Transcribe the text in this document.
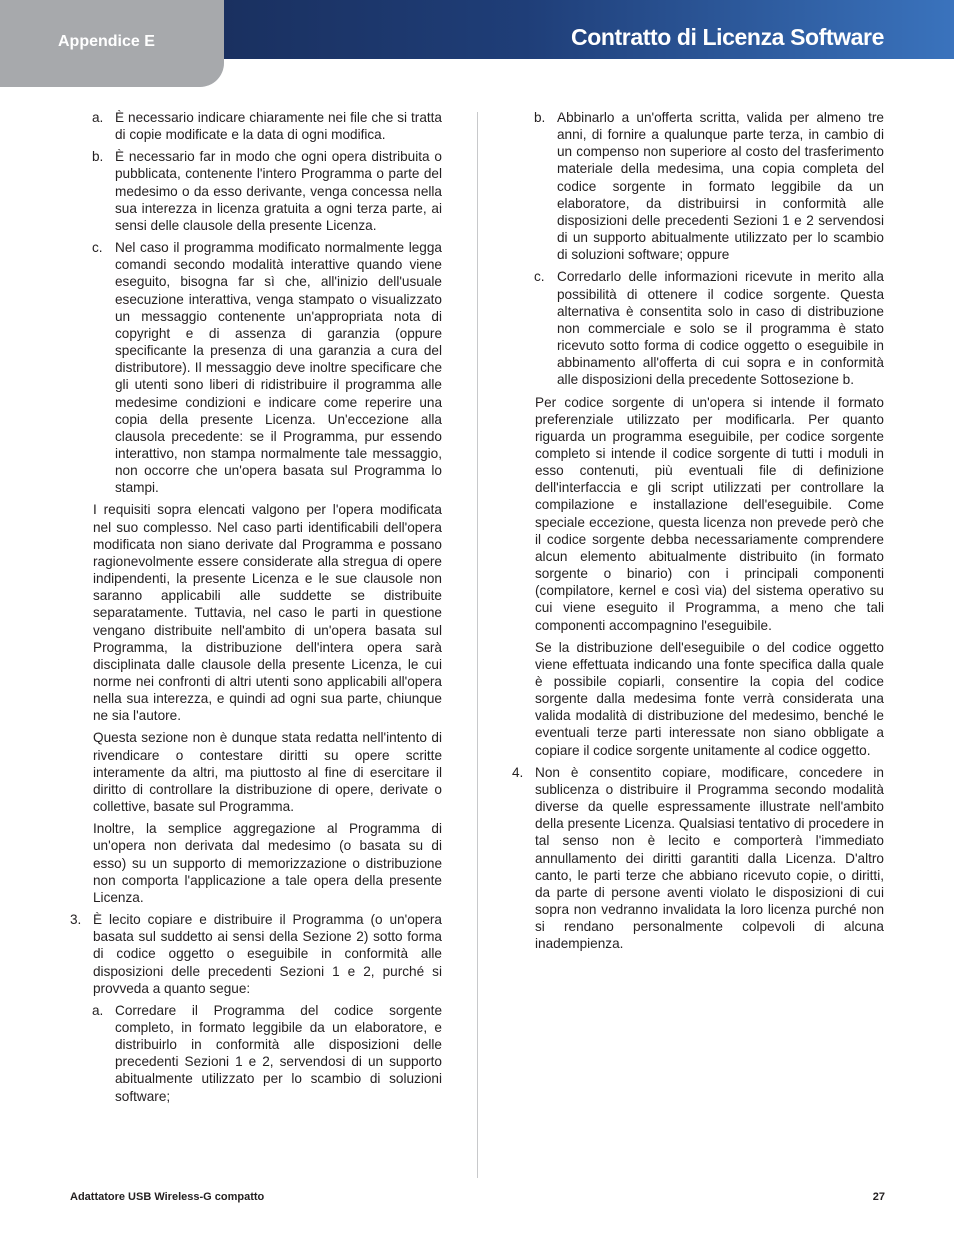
Appendice E	Contratto di Licenza Software
a. È necessario indicare chiaramente nei file che si tratta di copie modificate e la data di ogni modifica.
b. È necessario far in modo che ogni opera distribuita o pubblicata, contenente l'intero Programma o parte del medesimo o da esso derivante, venga concessa nella sua interezza in licenza gratuita a ogni terza parte, ai sensi delle clausole della presente Licenza.
c. Nel caso il programma modificato normalmente legga comandi secondo modalità interattive quando viene eseguito, bisogna far sì che, all'inizio dell'usuale esecuzione interattiva, venga stampato o visualizzato un messaggio contenente un'appropriata nota di copyright e di assenza di garanzia (oppure specificante la presenza di una garanzia a cura del distributore). Il messaggio deve inoltre specificare che gli utenti sono liberi di ridistribuire il programma alle medesime condizioni e indicare come reperire una copia della presente Licenza. Un'eccezione alla clausola precedente: se il Programma, pur essendo interattivo, non stampa normalmente tale messaggio, non occorre che un'opera basata sul Programma lo stampi.

I requisiti sopra elencati valgono per l'opera modificata nel suo complesso. Nel caso parti identificabili dell'opera modificata non siano derivate dal Programma e possano ragionevolmente essere considerate alla stregua di opere indipendenti, la presente Licenza e le sue clausole non saranno applicabili alle suddette se distribuite separatamente. Tuttavia, nel caso le parti in questione vengano distribuite nell'ambito di un'opera basata sul Programma, la distribuzione dell'intera opera sarà disciplinata dalle clausole della presente Licenza, le cui norme nei confronti di altri utenti sono applicabili all'opera nella sua interezza, e quindi ad ogni sua parte, chiunque ne sia l'autore.

Questa sezione non è dunque stata redatta nell'intento di rivendicare o contestare diritti su opere scritte interamente da altri, ma piuttosto al fine di esercitare il diritto di controllare la distribuzione di opere, derivate o collettive, basate sul Programma.

Inoltre, la semplice aggregazione al Programma di un'opera non derivata dal medesimo (o basata su di esso) su un supporto di memorizzazione o distribuzione non comporta l'applicazione a tale opera della presente Licenza.

3. È lecito copiare e distribuire il Programma (o un'opera basata sul suddetto ai sensi della Sezione 2) sotto forma di codice oggetto o eseguibile in conformità alle disposizioni delle precedenti Sezioni 1 e 2, purché si provveda a quanto segue:
a. Corredare il Programma del codice sorgente completo, in formato leggibile da un elaboratore, e distribuirlo in conformità alle disposizioni delle precedenti Sezioni 1 e 2, servendosi di un supporto abitualmente utilizzato per lo scambio di soluzioni software;
b. Abbinarlo a un'offerta scritta, valida per almeno tre anni, di fornire a qualunque parte terza, in cambio di un compenso non superiore al costo del trasferimento materiale della medesima, una copia completa del codice sorgente in formato leggibile da un elaboratore, da distribuirsi in conformità alle disposizioni delle precedenti Sezioni 1 e 2 servendosi di un supporto abitualmente utilizzato per lo scambio di soluzioni software; oppure
c. Corredarlo delle informazioni ricevute in merito alla possibilità di ottenere il codice sorgente. Questa alternativa è consentita solo in caso di distribuzione non commerciale e solo se il programma è stato ricevuto sotto forma di codice oggetto o eseguibile in abbinamento all'offerta di cui sopra e in conformità alle disposizioni della precedente Sottosezione b.

Per codice sorgente di un'opera si intende il formato preferenziale utilizzato per modificarla. Per quanto riguarda un programma eseguibile, per codice sorgente completo si intende il codice sorgente di tutti i moduli in esso contenuti, più eventuali file di definizione dell'interfaccia e gli script utilizzati per controllare la compilazione e installazione dell'eseguibile. Come speciale eccezione, questa licenza non prevede però che il codice sorgente debba necessariamente comprendere alcun elemento abitualmente distribuito (in formato sorgente o binario) con i principali componenti (compilatore, kernel e così via) del sistema operativo su cui viene eseguito il Programma, a meno che tali componenti accompagnino l'eseguibile.

Se la distribuzione dell'eseguibile o del codice oggetto viene effettuata indicando una fonte specifica dalla quale è possibile copiarli, consentire la copia del codice sorgente dalla medesima fonte verrà considerata una valida modalità di distribuzione del medesimo, benché le eventuali terze parti interessate non siano obbligate a copiare il codice sorgente unitamente al codice oggetto.

4. Non è consentito copiare, modificare, concedere in sublicenza o distribuire il Programma secondo modalità diverse da quelle espressamente illustrate nell'ambito della presente Licenza. Qualsiasi tentativo di procedere in tal senso non è lecito e comporterà l'immediato annullamento dei diritti garantiti dalla Licenza. D'altro canto, le parti terze che abbiano ricevuto copie, o diritti, da parte di persone aventi violato le disposizioni di cui sopra non vedranno invalidata la loro licenza purché non si rendano personalmente colpevoli di alcuna inadempienza.
Adattatore USB Wireless-G compatto	27
